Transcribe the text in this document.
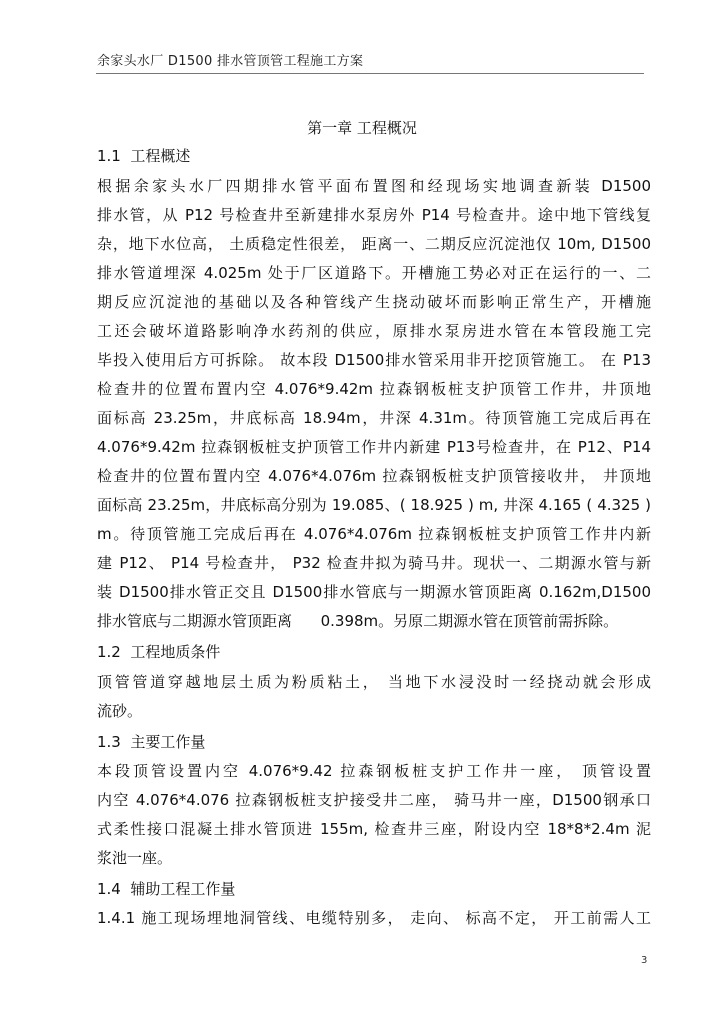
余家头水厂 D1500 排水管顶管工程施工方案
第一章 工程概况
1.1  工程概述
根据余家头水厂四期排水管平面布置图和经现场实地调查新装 D1500
排水管，从 P12 号检查井至新建排水泵房外 P14 号检查井。途中地下管线复
杂，地下水位高， 土质稳定性很差， 距离一、二期反应沉淀池仅 10m, D1500
排水管道埋深 4.025m 处于厂区道路下。开槽施工势必对正在运行的一、二
期反应沉淀池的基础以及各种管线产生挠动破坏而影响正常生产，开槽施
工还会破坏道路影响净水药剂的供应，原排水泵房进水管在本管段施工完
毕投入使用后方可拆除。 故本段 D1500排水管采用非开挖顶管施工。 在 P13
检查井的位置布置内空 4.076*9.42m 拉森钢板桩支护顶管工作井，井顶地
面标高 23.25m，井底标高 18.94m，井深 4.31m。待顶管施工完成后再在
4.076*9.42m 拉森钢板桩支护顶管工作井内新建 P13号检查井，在 P12、P14
检查井的位置布置内空 4.076*4.076m 拉森钢板桩支护顶管接收井， 井顶地
面标高 23.25m，井底标高分别为 19.085、( 18.925 ) m, 井深 4.165 ( 4.325 )
m。待顶管施工完成后再在 4.076*4.076m 拉森钢板桩支护顶管工作井内新
建 P12、 P14 号检查井， P32 检查井拟为骑马井。现状一、二期源水管与新
装 D1500排水管正交且 D1500排水管底与一期源水管顶距离 0.162m,D1500
排水管底与二期源水管顶距离      0.398m。另原二期源水管在顶管前需拆除。
1.2  工程地质条件
顶管管道穿越地层土质为粉质粘土， 当地下水浸没时一经挠动就会形成
流砂。
1.3  主要工作量
本段顶管设置内空 4.076*9.42 拉森钢板桩支护工作井一座， 顶管设置
内空 4.076*4.076 拉森钢板桩支护接受井二座， 骑马井一座，D1500钢承口
式柔性接口混凝土排水管顶进 155m, 检查井三座，附设内空 18*8*2.4m 泥
浆池一座。
1.4  辅助工程工作量
1.4.1 施工现场埋地洞管线、电缆特别多， 走向、 标高不定， 开工前需人工
3
